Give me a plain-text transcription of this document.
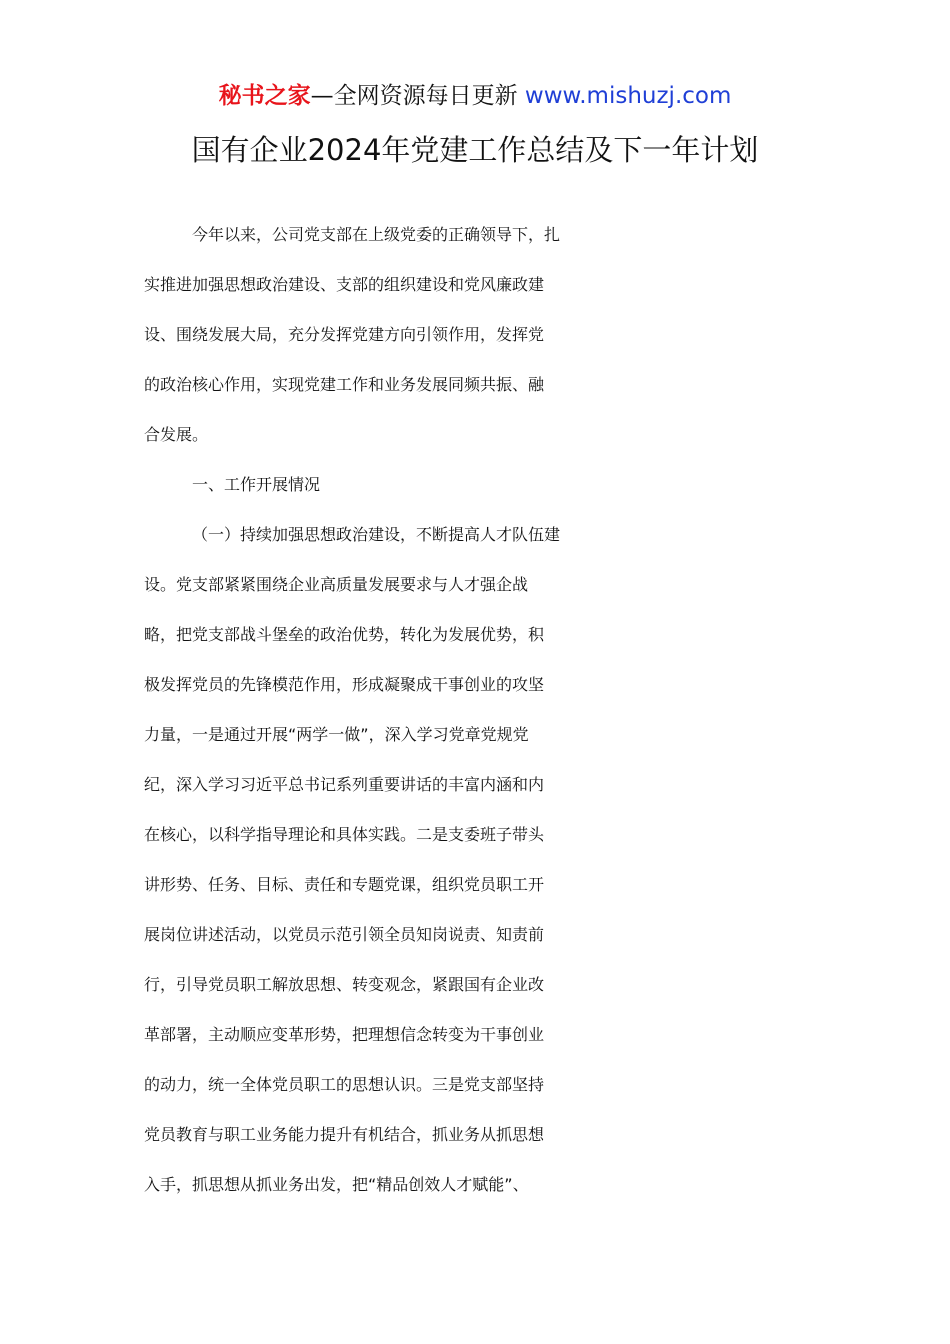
秘书之家—全网资源每日更新 www.mishuzj.com
国有企业2024年党建工作总结及下一年计划
今年以来，公司党支部在上级党委的正确领导下，扎
实推进加强思想政治建设、支部的组织建设和党风廉政建
设、围绕发展大局，充分发挥党建方向引领作用，发挥党
的政治核心作用，实现党建工作和业务发展同频共振、融
合发展。
一、工作开展情况
（一）持续加强思想政治建设，不断提高人才队伍建
设。党支部紧紧围绕企业高质量发展要求与人才强企战
略，把党支部战斗堡垒的政治优势，转化为发展优势，积
极发挥党员的先锋模范作用，形成凝聚成干事创业的攻坚
力量，一是通过开展“两学一做”，深入学习党章党规党
纪，深入学习习近平总书记系列重要讲话的丰富内涵和内
在核心，以科学指导理论和具体实践。二是支委班子带头
讲形势、任务、目标、责任和专题党课，组织党员职工开
展岗位讲述活动，以党员示范引领全员知岗说责、知责前
行，引导党员职工解放思想、转变观念，紧跟国有企业改
革部署，主动顺应变革形势，把理想信念转变为干事创业
的动力，统一全体党员职工的思想认识。三是党支部坚持
党员教育与职工业务能力提升有机结合，抓业务从抓思想
入手，抓思想从抓业务出发，把“精品创效人才赋能”、
